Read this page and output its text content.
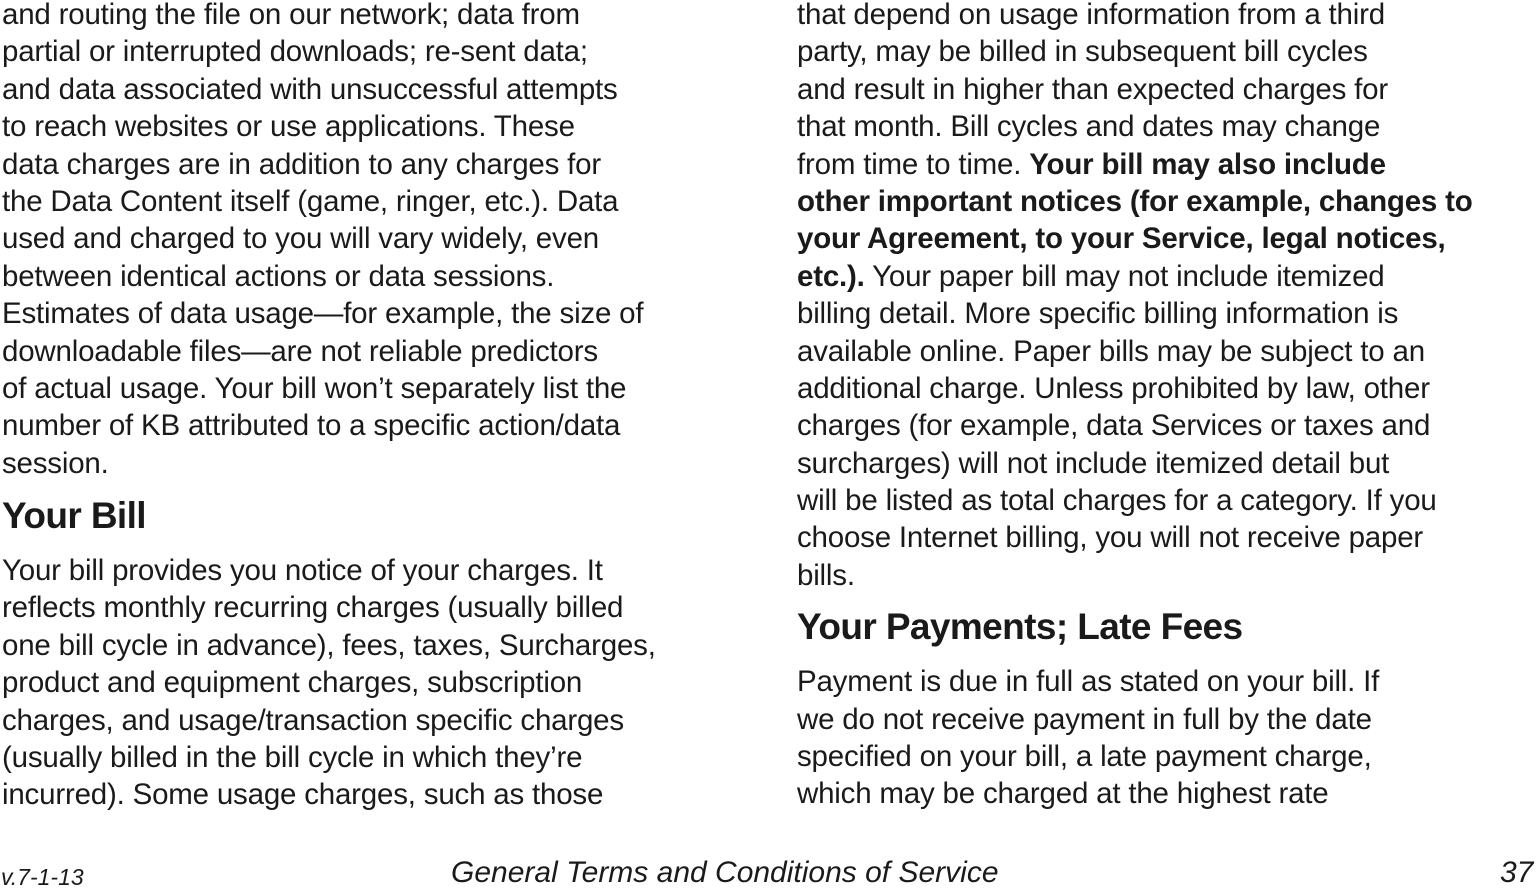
and routing the file on our network; data from
partial or interrupted downloads; re-sent data;
and data associated with unsuccessful attempts
to reach websites or use applications. These
data charges are in addition to any charges for
the Data Content itself (game, ringer, etc.). Data
used and charged to you will vary widely, even
between identical actions or data sessions.
Estimates of data usage—for example, the size of
downloadable files—are not reliable predictors
of actual usage. Your bill won’t separately list the
number of KB attributed to a specific action/data
session.
Your Bill
Your bill provides you notice of your charges. It
reflects monthly recurring charges (usually billed
one bill cycle in advance), fees, taxes, Surcharges,
product and equipment charges, subscription
charges, and usage/transaction specific charges
(usually billed in the bill cycle in which they’re
incurred). Some usage charges, such as those
that depend on usage information from a third
party, may be billed in subsequent bill cycles
and result in higher than expected charges for
that month. Bill cycles and dates may change
from time to time. Your bill may also include
other important notices (for example, changes to
your Agreement, to your Service, legal notices,
etc.). Your paper bill may not include itemized
billing detail. More specific billing information is
available online. Paper bills may be subject to an
additional charge. Unless prohibited by law, other
charges (for example, data Services or taxes and
surcharges) will not include itemized detail but
will be listed as total charges for a category. If you
choose Internet billing, you will not receive paper
bills.
Your Payments; Late Fees
Payment is due in full as stated on your bill. If
we do not receive payment in full by the date
specified on your bill, a late payment charge,
which may be charged at the highest rate
v.7-1-13	General Terms and Conditions of Service	37
